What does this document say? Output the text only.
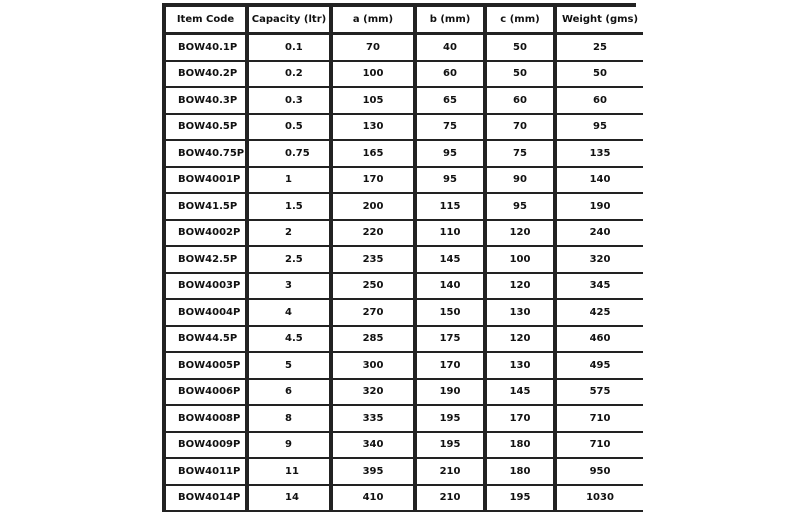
Item Code	Capacity (ltr)	a (mm)	b (mm)	c (mm)	Weight (gms)
BOW40.1P	0.1	70	40	50	25
BOW40.2P	0.2	100	60	50	50
BOW40.3P	0.3	105	65	60	60
BOW40.5P	0.5	130	75	70	95
BOW40.75P	0.75	165	95	75	135
BOW4001P	1	170	95	90	140
BOW41.5P	1.5	200	115	95	190
BOW4002P	2	220	110	120	240
BOW42.5P	2.5	235	145	100	320
BOW4003P	3	250	140	120	345
BOW4004P	4	270	150	130	425
BOW44.5P	4.5	285	175	120	460
BOW4005P	5	300	170	130	495
BOW4006P	6	320	190	145	575
BOW4008P	8	335	195	170	710
BOW4009P	9	340	195	180	710
BOW4011P	11	395	210	180	950
BOW4014P	14	410	210	195	1030
